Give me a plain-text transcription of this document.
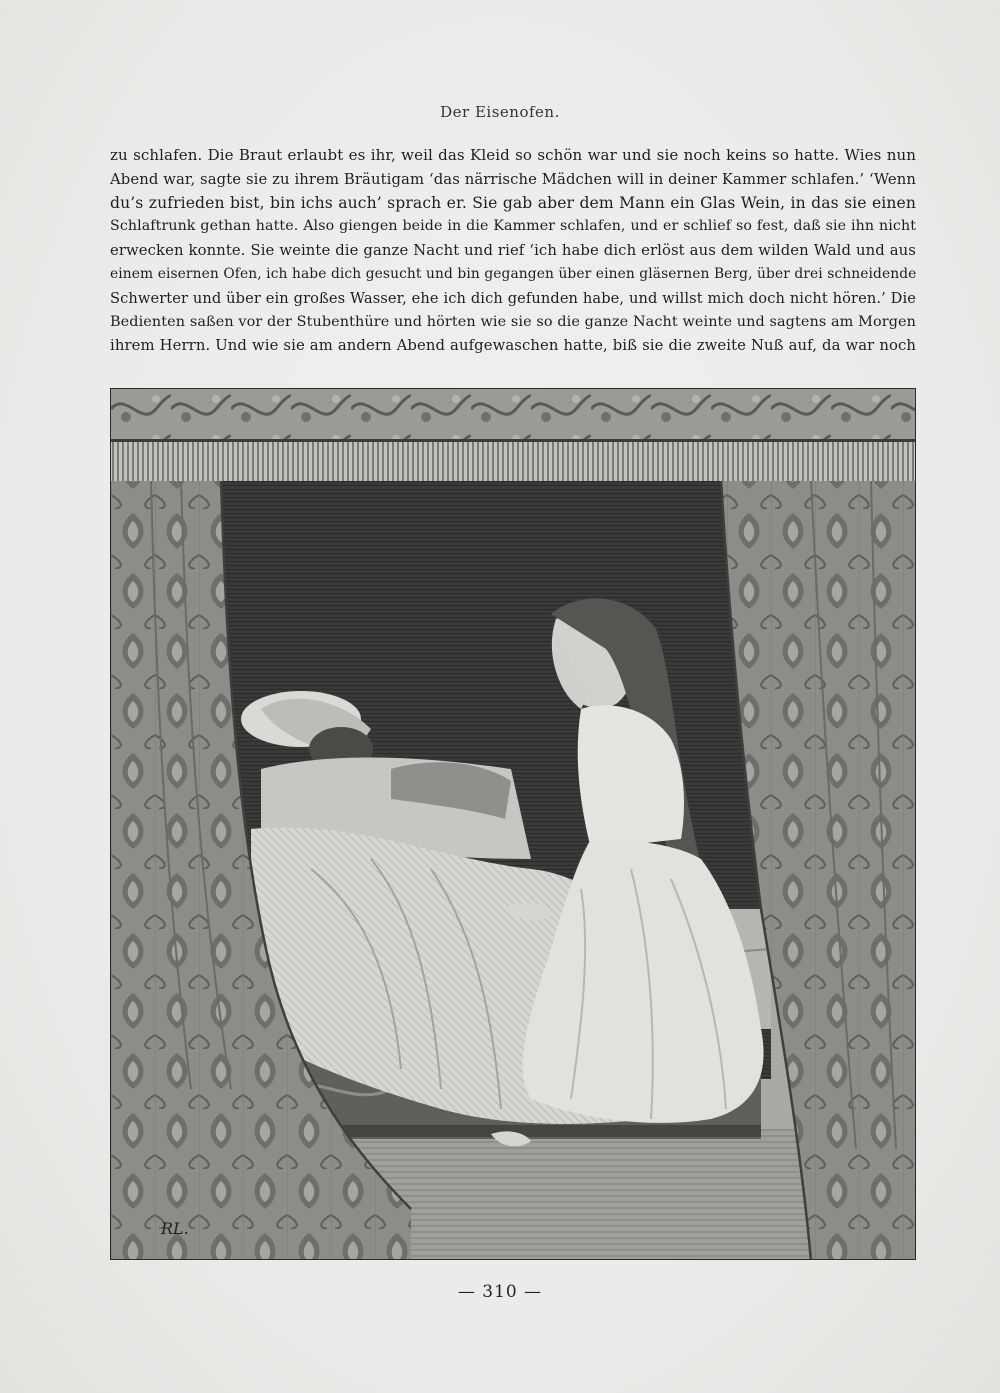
Der Eisenofen.
zu schlafen. Die Braut erlaubt es ihr, weil das Kleid so schön war und sie noch keins so hatte. Wies nun
Abend war, sagte sie zu ihrem Bräutigam ‘das närrische Mädchen will in deiner Kammer schlafen.’ ‘Wenn
du’s zufrieden bist, bin ichs auch’ sprach er. Sie gab aber dem Mann ein Glas Wein, in das sie einen
Schlaftrunk gethan hatte. Also giengen beide in die Kammer schlafen, und er schlief so fest, daß sie ihn nicht
erwecken konnte. Sie weinte die ganze Nacht und rief ‘ich habe dich erlöst aus dem wilden Wald und aus
einem eisernen Ofen, ich habe dich gesucht und bin gegangen über einen gläsernen Berg, über drei schneidende
Schwerter und über ein großes Wasser, ehe ich dich gefunden habe, und willst mich doch nicht hören.’ Die
Bedienten saßen vor der Stubenthüre und hörten wie sie so die ganze Nacht weinte und sagtens am Morgen
ihrem Herrn. Und wie sie am andern Abend aufgewaschen hatte, biß sie die zweite Nuß auf, da war noch
RL.
— 310 —
